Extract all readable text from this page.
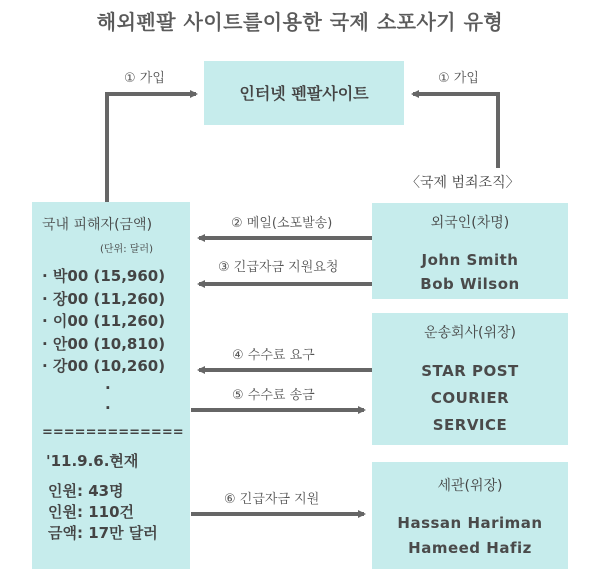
해외펜팔 사이트를이용한 국제 소포사기 유형
① 가입	① 가입
② 메일(소포발송)
③ 긴급자금 지원요청
④ 수수료 요구
⑤ 수수료 송금
⑥ 긴급자금 지원
인터넷 펜팔사이트
〈국제 범죄조직〉
국내 피해자(금액)
(단위: 달러)
· 박00 (15,960)
· 장00 (11,260)
· 이00 (11,260)
· 안00 (10,810)
· 강00 (10,260)
·
·
=============
'11.9.6.현재
인원: 43명
인원: 110건
금액: 17만 달러
외국인(차명)
John Smith
Bob Wilson
운송회사(위장)
STAR POST
COURIER
SERVICE
세관(위장)
Hassan Hariman
Hameed Hafiz
